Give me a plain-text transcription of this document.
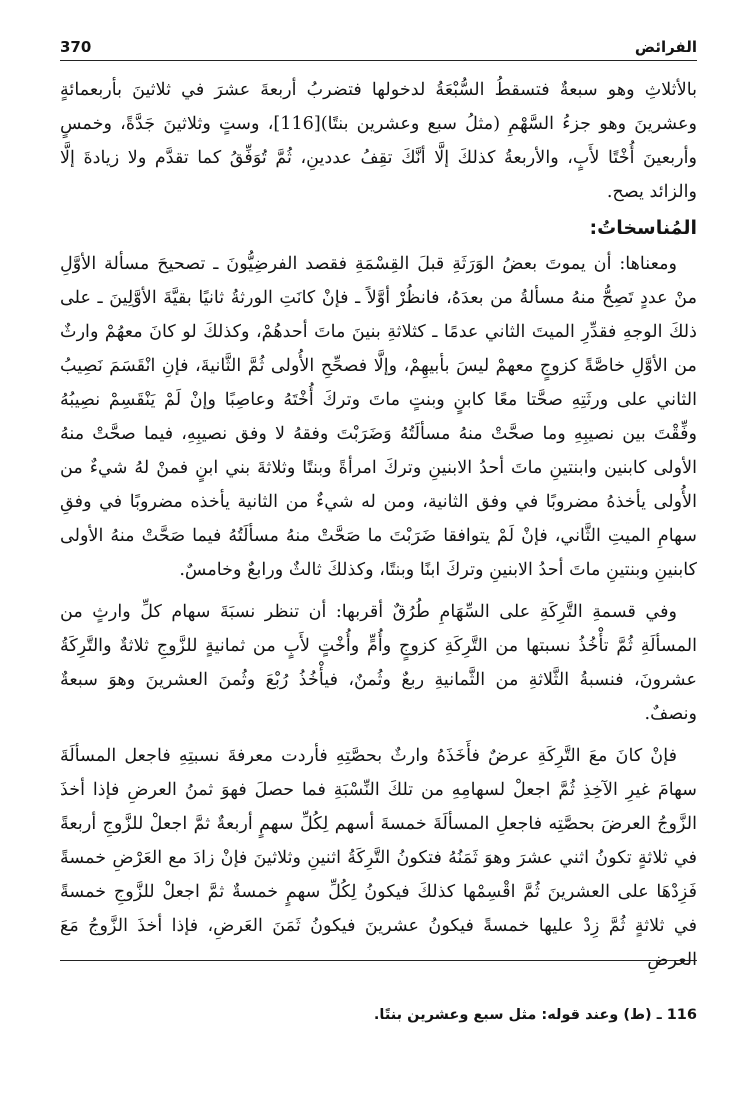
الفرائض
370

بالأثلاثِ وهو سبعةٌ فتسقطُ السُّبْعَةُ لدخولها فتضربُ أربعةَ عشرَ في ثلاثينَ بأربعمائةٍ وعشرينَ وهو جزءُ السَّهْمِ (مثلُ سبع وعشرين بنتًا)[116]، وستٍ وثلاثينَ جَدَّةً، وخمسٍ وأربعينَ أُخْتًا لأَبٍ، والأربعةُ كذلكَ إلَّا أنَّكَ تقِفُ عددينِ، ثُمَّ تُوَفِّقُ كما تقدَّم ولا زيادةَ إلَّا والزائد يصح.

المُناسخاتُ:

ومعناها: أن يموتَ بعضُ الوَرَثَةِ قبلَ القِسْمَةِ فقصد الفرضِيُّونَ ـ تصحيحَ مسألة الأوَّلِ منْ عددٍ تَصِحُّ منهُ مسألةُ من بعدَهُ، فانظُرْ أوَّلاً ـ فإنْ كانَتِ الورثةُ ثانيًا بقيَّةَ الأوَّلِينَ ـ على ذلكَ الوجهِ فقدِّرِ الميتَ الثاني عدمًا ـ كثلاثةِ بنينَ ماتَ أحدهُمْ، وكذلكَ لو كانَ معهُمْ وارثٌ من الأوَّلِ خاصَّةً كزوجٍ معهمْ ليسَ بأبيهِمْ، وإلَّا فصحِّحِ الأُولى ثُمَّ الثَّانيةَ، فإنِ انْقَسَمَ نَصِيبُ الثاني على ورثَتِهِ صحَّتا معًا كابنٍ وبنتٍ ماتَ وتركَ أُخْتَهُ وعاصِبًا وإنْ لَمْ يَنْقَسِمْ نصِيبُهُ وفِّقْتَ بين نصيبِهِ وما صحَّتْ منهُ مسألَتُهُ وَضَرَبْتَ وفقهُ لا وفق نصيبِهِ، فيما صحَّتْ منهُ الأولى كابنين وابنتينِ ماتَ أحدُ الابنينِ وتركَ امرأةً وبنتًا وثلاثةَ بني ابنٍ فمنْ لهُ شيءٌ من الأُولى يأخذهُ مضروبًا في وفق الثانية، ومن له شيءٌ من الثانية يأخذه مضروبًا في وفقِ سهامِ الميتِ الثَّاني، فإنْ لَمْ يتوافقا ضَرَبْتَ ما صَحَّتْ منهُ مسألَتُهُ فيما صَحَّتْ منهُ الأولى كابنينِ وبنتينِ ماتَ أحدُ الابنينِ وتركَ ابنًا وبنتًا، وكذلكَ ثالثٌ ورابعٌ وخامسٌ.

وفي قسمةِ التَّرِكَةِ على السِّهَامِ طُرُقٌ أقربها: أن تنظر نسبَةَ سهام كلِّ وارثٍ من المسألَةِ ثُمَّ تأْخُذُ نسبتها من التَّرِكَةِ كزوجٍ وأُمٍّ وأُخْتٍ لأَبٍ من ثمانيةٍ للزَّوجِ ثلاثةٌ والتَّرِكَةُ عشرونَ، فنسبةُ الثَّلاثةِ من الثَّمانيةِ ربعٌ وثُمنٌ، فيأْخُذُ رُبْعَ وثُمنَ العشرينَ وهوَ سبعةٌ ونصفٌ.

فإنْ كانَ معَ التَّرِكَةِ عرضٌ فأَخَذَهُ وارثٌ بحصَّتِهِ فأردت معرفةَ نسبتِهِ فاجعل المسألَةَ سهامَ غيرِ الآخِذِ ثُمَّ اجعلْ لسهامِهِ من تلكَ النِّسْبَةِ فما حصلَ فهوَ ثمنُ العرضِ فإذا أخذَ الزَّوجُ العرضَ بحصَّتِه فاجعلِ المسألَةَ خمسةَ أسهم لِكُلِّ سهمٍ أربعةٌ ثمَّ اجعلْ للزَّوجِ أربعةً في ثلاثةٍ تكونُ اثني عشرَ وهوَ ثَمَنُهُ فتكونُ التَّرِكَةُ اثنينِ وثلاثينَ فإنْ زادَ مع العَرْضِ خمسةً فَزِدْهَا على العشرينَ ثُمَّ اقْسِمْها كذلكَ فيكونُ لِكُلِّ سهمٍ خمسةٌ ثمَّ اجعلْ للزَّوجِ خمسةً في ثلاثةٍ ثُمَّ زِدْ عليها خمسةً فيكونُ عشرينَ فيكونُ ثَمَنَ العَرضِ، فإذا أخذَ الزَّوجُ مَعَ العرضِ

116 ـ (ط) وعند قوله: مثل سبع وعشرين بنتًا.
